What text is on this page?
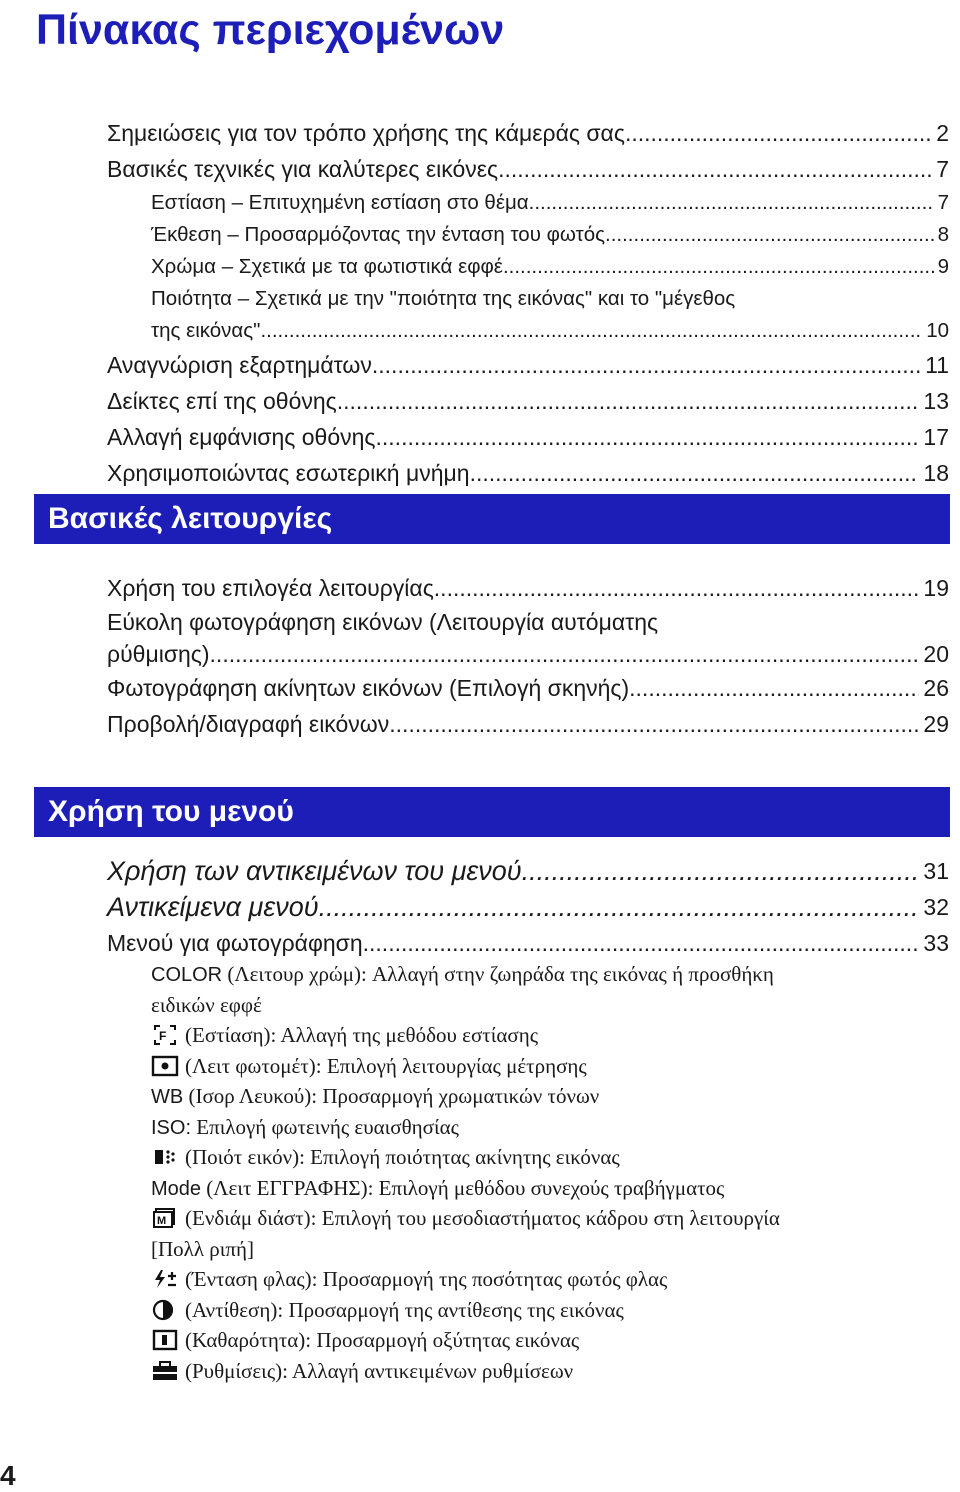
Πίνακας περιεχομένων
Σημειώσεις για τον τρόπο χρήσης της κάμεράς σας .....	2
Βασικές τεχνικές για καλύτερες εικόνες .....	7
Εστίαση – Επιτυχημένη εστίαση στο θέμα .....	7
Έκθεση – Προσαρμόζοντας την ένταση του φωτός .....	8
Χρώμα – Σχετικά με τα φωτιστικά εφφέ .....	9
Ποιότητα – Σχετικά με την "ποιότητα της εικόνας" και το "μέγεθος
της εικόνας" .....	10
Αναγνώριση εξαρτημάτων .....	11
Δείκτες επί της οθόνης .....	13
Αλλαγή εμφάνισης οθόνης .....	17
Χρησιμοποιώντας εσωτερική μνήμη .....	18
Βασικές λειτουργίες
Χρήση του επιλογέα λειτουργίας .....	19
Εύκολη φωτογράφηση εικόνων (Λειτουργία αυτόματης
ρύθμισης) .....	20
Φωτογράφηση ακίνητων εικόνων (Επιλογή σκηνής) .....	26
Προβολή/διαγραφή εικόνων .....	29
Χρήση του μενού
Χρήση των αντικειμένων του μενού .....	31
Αντικείμενα μενού .....	32
Μενού για φωτογράφηση .....	33
COLOR (Λειτουρ χρώμ): Αλλαγή στην ζωηράδα της εικόνας ή προσθήκη
ειδικών εφφέ
F (Εστίαση): Αλλαγή της μεθόδου εστίασης
(Λειτ φωτομέτ): Επιλογή λειτουργίας μέτρησης
WB (Ισορ Λευκού): Προσαρμογή χρωματικών τόνων
ISO: Επιλογή φωτεινής ευαισθησίας
(Ποιότ εικόν): Επιλογή ποιότητας ακίνητης εικόνας
Mode (Λειτ ΕΓΓΡΑΦΗΣ): Επιλογή μεθόδου συνεχούς τραβήγματος
M (Ενδιάμ διάστ): Επιλογή του μεσοδιαστήματος κάδρου στη λειτουργία
[Πολλ ριπή]
(Ένταση φλας): Προσαρμογή της ποσότητας φωτός φλας
(Αντίθεση): Προσαρμογή της αντίθεσης της εικόνας
(Καθαρότητα): Προσαρμογή οξύτητας εικόνας
(Ρυθμίσεις): Αλλαγή αντικειμένων ρυθμίσεων
4
